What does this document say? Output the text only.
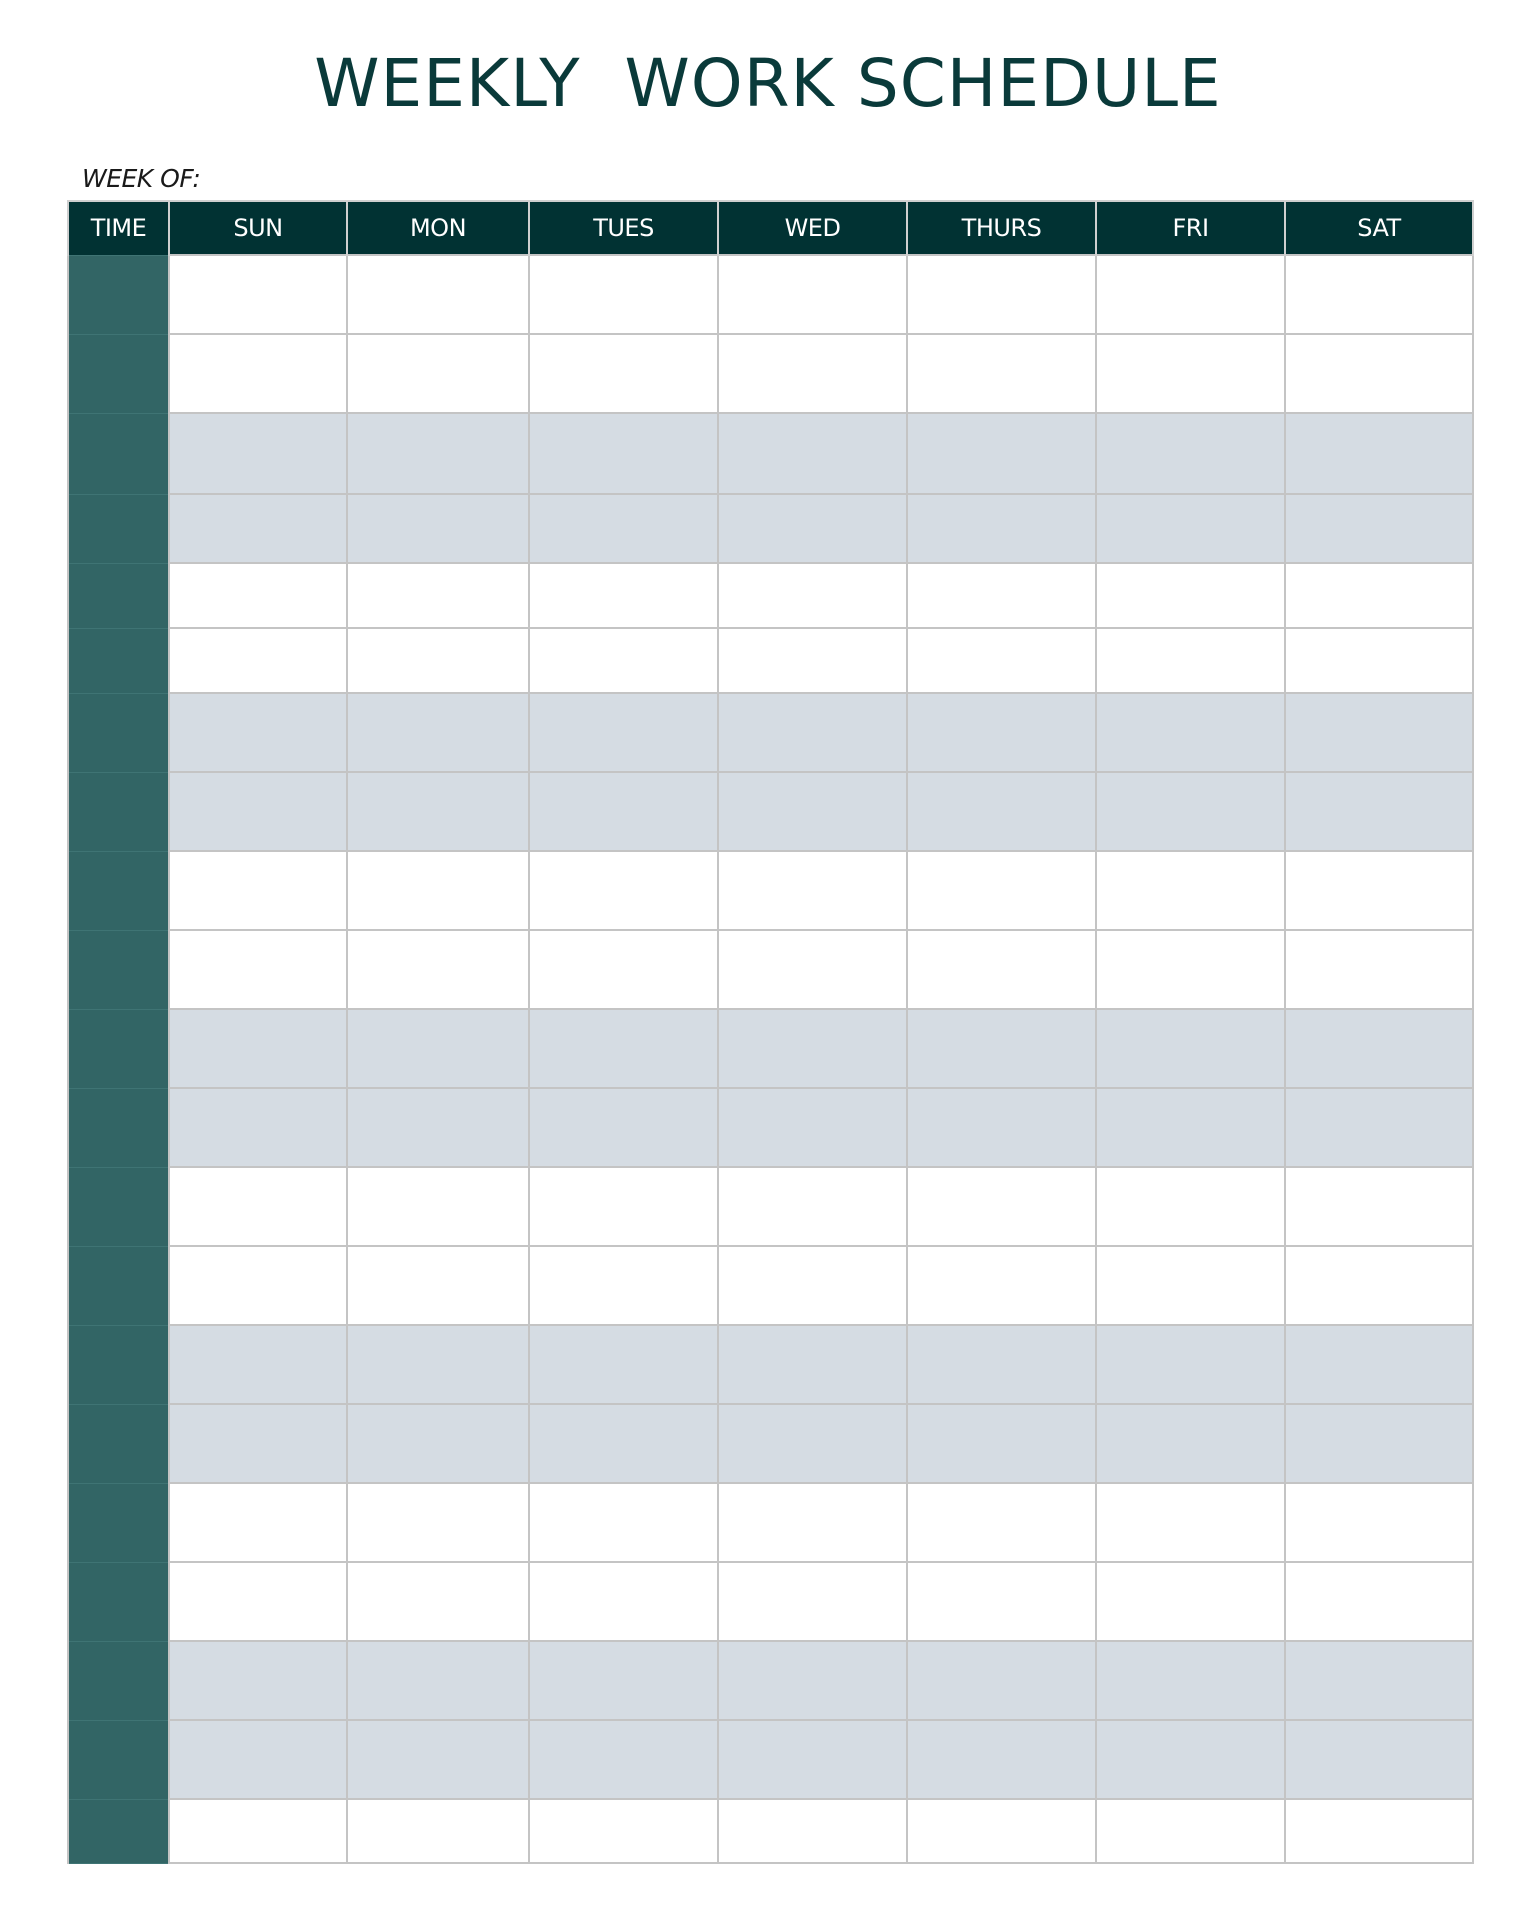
WEEKLY  WORK SCHEDULE
WEEK OF:
TIME	SUN	MON	TUES	WED	THURS	FRI	SAT
